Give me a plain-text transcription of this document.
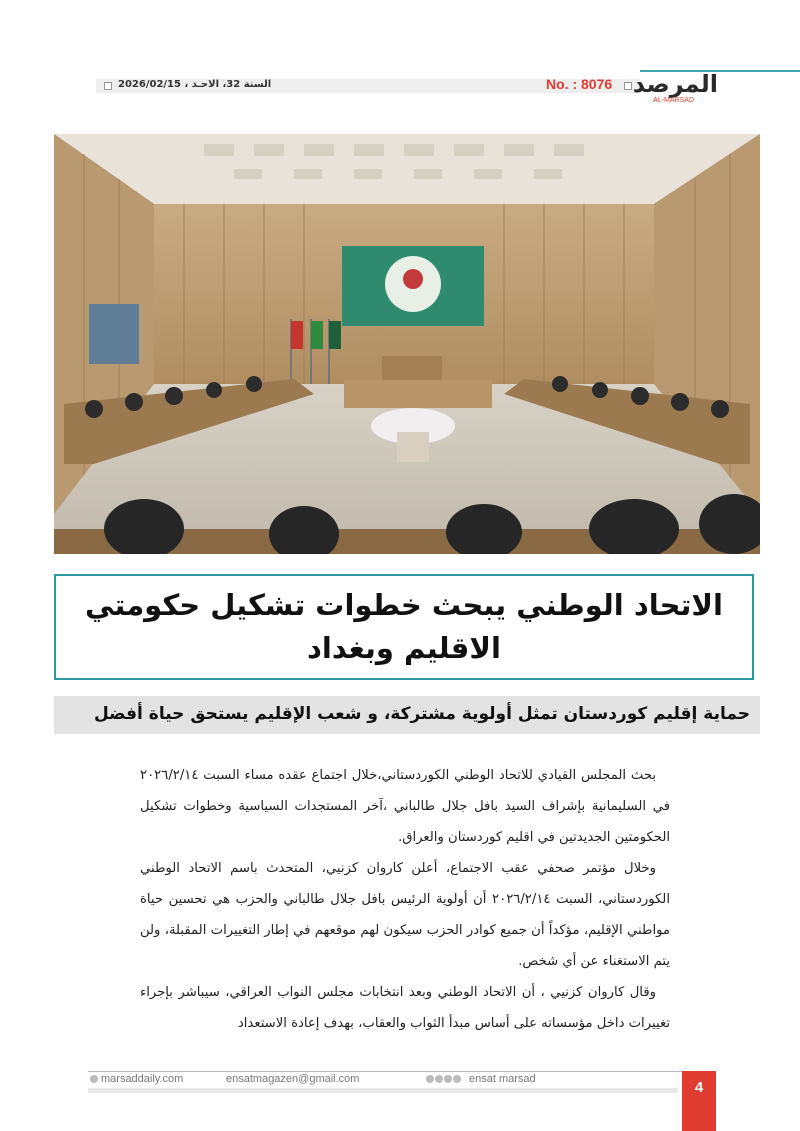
السنة 32، الاحـد ، 2026/02/15	No. : 8076 المرصد
AL-MARSAD
الاتحاد الوطني يبحث خطوات تشكيل حكومتي الاقليم وبغداد
حماية إقليم كوردستان تمثل أولوية مشتركة، و شعب الإقليم يستحق حياة أفضل

بحث المجلس القيادي للاتحاد الوطني الكوردستاني،خلال اجتماع عقده مساء السبت ٢٠٢٦/٢/١٤ في السليمانية بإشراف السيد بافل جلال طالباني ،آخر المستجدات السياسية وخطوات تشكيل الحكومتين الجديدتين في اقليم كوردستان والعراق.

وخلال مؤتمر صحفي عقب الاجتماع، أعلن كاروان كزنيي، المتحدث باسم الاتحاد الوطني الكوردستاني، السبت ٢٠٢٦/٢/١٤ أن أولوية الرئيس بافل جلال طالباني والحزب هي تحسين حياة مواطني الإقليم، مؤكداً أن جميع كوادر الحزب سيكون لهم موقعهم في إطار التغييرات المقبلة، ولن يتم الاستغناء عن أي شخص.

وقال كاروان كزنيي ، أن الاتحاد الوطني وبعد انتخابات مجلس النواب العراقي، سيباشر بإجراء تغييرات داخل مؤسساته على أساس مبدأ الثواب والعقاب، بهدف إعادة الاستعداد

marsaddaily.com	ensatmagazen@gmail.com	ensat marsad	4
